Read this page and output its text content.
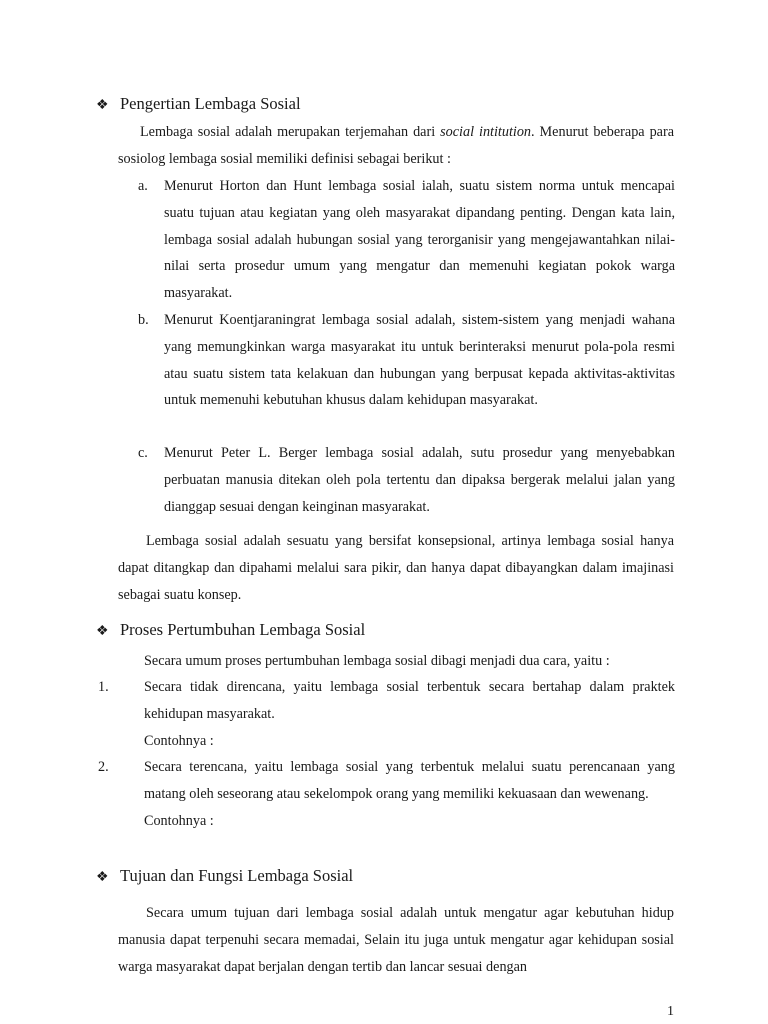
❖ Pengertian Lembaga Sosial
Lembaga sosial adalah merupakan terjemahan dari social intitution. Menurut beberapa para sosiolog lembaga sosial memiliki definisi sebagai berikut :
a. Menurut Horton dan Hunt lembaga sosial ialah, suatu sistem norma untuk mencapai suatu tujuan atau kegiatan yang oleh masyarakat dipandang penting. Dengan kata lain, lembaga sosial adalah hubungan sosial yang terorganisir yang mengejawantahkan nilai-nilai serta prosedur umum yang mengatur dan memenuhi kegiatan pokok warga masyarakat.
b. Menurut Koentjaraningrat lembaga sosial adalah, sistem-sistem yang menjadi wahana yang memungkinkan warga masyarakat itu untuk berinteraksi menurut pola-pola resmi atau suatu sistem tata kelakuan dan hubungan yang berpusat kepada aktivitas-aktivitas untuk memenuhi kebutuhan khusus dalam kehidupan masyarakat.
c. Menurut Peter L. Berger lembaga sosial adalah, sutu prosedur yang menyebabkan perbuatan manusia ditekan oleh pola tertentu dan dipaksa bergerak melalui jalan yang dianggap sesuai dengan keinginan masyarakat.
Lembaga sosial adalah sesuatu yang bersifat konsepsional, artinya lembaga sosial hanya dapat ditangkap dan dipahami melalui sara pikir, dan hanya dapat dibayangkan dalam imajinasi sebagai suatu konsep.
❖ Proses Pertumbuhan Lembaga Sosial
Secara umum proses pertumbuhan lembaga sosial dibagi menjadi dua cara, yaitu :
1. Secara tidak direncana, yaitu lembaga sosial terbentuk secara bertahap dalam praktek kehidupan masyarakat.
Contohnya :
2. Secara terencana, yaitu lembaga sosial yang terbentuk melalui suatu perencanaan yang matang oleh seseorang atau sekelompok orang yang memiliki kekuasaan dan wewenang.
Contohnya :
❖ Tujuan dan Fungsi Lembaga Sosial
Secara umum tujuan dari lembaga sosial adalah untuk mengatur agar kebutuhan hidup manusia dapat terpenuhi secara memadai, Selain itu juga untuk mengatur agar kehidupan sosial warga masyarakat dapat berjalan dengan tertib dan lancar sesuai dengan
1
